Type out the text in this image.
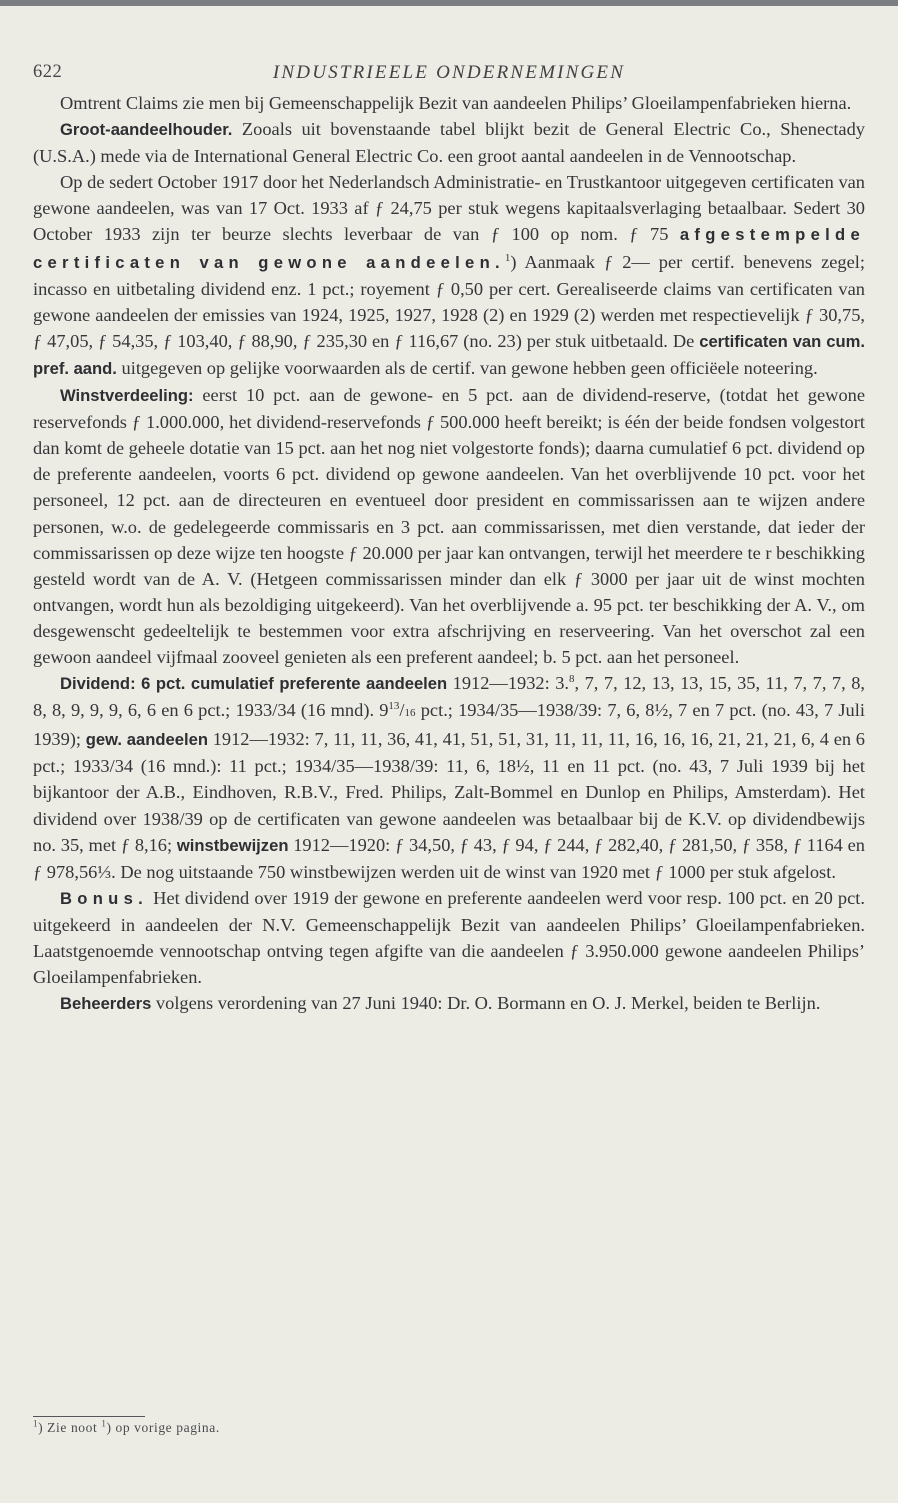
622	INDUSTRIEELE ONDERNEMINGEN

Omtrent Claims zie men bij Gemeenschappelijk Bezit van aandeelen Philips’ Gloeilampenfabrieken hierna.

Groot-aandeelhouder. Zooals uit bovenstaande tabel blijkt bezit de General Electric Co., Shenectady (U.S.A.) mede via de International General Electric Co. een groot aantal aandeelen in de Vennootschap.

Op de sedert October 1917 door het Nederlandsch Administratie- en Trustkantoor uitgegeven certificaten van gewone aandeelen, was van 17 Oct. 1933 af ƒ 24,75 per stuk wegens kapitaalsverlaging betaalbaar. Sedert 30 October 1933 zijn ter beurze slechts leverbaar de van ƒ 100 op nom. ƒ 75 afgestempelde certificaten van gewone aandeelen.$^1$) Aanmaak ƒ 2— per certif. benevens zegel; incasso en uitbetaling dividend enz. 1 pct.; royement ƒ 0,50 per cert. Gerealiseerde claims van certificaten van gewone aandeelen der emissies van 1924, 1925, 1927, 1928 (2) en 1929 (2) werden met respectievelijk ƒ 30,75, ƒ 47,05, ƒ 54,35, ƒ 103,40, ƒ 88,90, ƒ 235,30 en ƒ 116,67 (no. 23) per stuk uitbetaald. De certificaten van cum. pref. aand. uitgegeven op gelijke voorwaarden als de certif. van gewone hebben geen officiëele noteering.

Winstverdeeling: eerst 10 pct. aan de gewone- en 5 pct. aan de dividend-reserve, (totdat het gewone reservefonds ƒ 1.000.000, het dividend-reservefonds ƒ 500.000 heeft bereikt; is één der beide fondsen volgestort dan komt de geheele dotatie van 15 pct. aan het nog niet volgestorte fonds); daarna cumulatief 6 pct. dividend op de preferente aandeelen, voorts 6 pct. dividend op gewone aandeelen. Van het overblijvende 10 pct. voor het personeel, 12 pct. aan de directeuren en eventueel door president en commissarissen aan te wijzen andere personen, w.o. de gedelegeerde commissaris en 3 pct. aan commissarissen, met dien verstande, dat ieder der commissarissen op deze wijze ten hoogste ƒ 20.000 per jaar kan ontvangen, terwijl het meerdere te r beschikking gesteld wordt van de A. V. (Hetgeen commissarissen minder dan elk ƒ 3000 per jaar uit de winst mochten ontvangen, wordt hun als bezoldiging uitgekeerd). Van het overblijvende a. 95 pct. ter beschikking der A. V., om desgewenscht gedeeltelijk te bestemmen voor extra afschrijving en reserveering. Van het overschot zal een gewoon aandeel vijfmaal zooveel genieten als een preferent aandeel; b. 5 pct. aan het personeel.

Dividend: 6 pct. cumulatief preferente aandeelen 1912—1932: 3.$^8$, 7, 7, 12, 13, 13, 15, 35, 11, 7, 7, 7, 8, 8, 8, 9, 9, 9, 6, 6 en 6 pct.; 1933/34 (16 mnd). $9^{13}/16$ pct.; 1934/35—1938/39: 7, 6, 8½, 7 en 7 pct. (no. 43, 7 Juli 1939); gew. aandeelen 1912—1932: 7, 11, 11, 36, 41, 41, 51, 51, 31, 11, 11, 11, 16, 16, 16, 21, 21, 21, 6, 4 en 6 pct.; 1933/34 (16 mnd.): 11 pct.; 1934/35—1938/39: 11, 6, 18½, 11 en 11 pct. (no. 43, 7 Juli 1939 bij het bijkantoor der A.B., Eindhoven, R.B.V., Fred. Philips, Zalt-Bommel en Dunlop en Philips, Amsterdam). Het dividend over 1938/39 op de certificaten van gewone aandeelen was betaalbaar bij de K.V. op dividendbewijs no. 35, met ƒ 8,16; winstbewijzen 1912—1920: ƒ 34,50, ƒ 43, ƒ 94, ƒ 244, ƒ 282,40, ƒ 281,50, ƒ 358, ƒ 1164 en ƒ 978,56⅓. De nog uitstaande 750 winstbewijzen werden uit de winst van 1920 met ƒ 1000 per stuk afgelost.

Bonus. Het dividend over 1919 der gewone en preferente aandeelen werd voor resp. 100 pct. en 20 pct. uitgekeerd in aandeelen der N.V. Gemeenschappelijk Bezit van aandeelen Philips’ Gloeilampenfabrieken. Laatstgenoemde vennootschap ontving tegen afgifte van die aandeelen ƒ 3.950.000 gewone aandeelen Philips’ Gloeilampenfabrieken.

Beheerders volgens verordening van 27 Juni 1940: Dr. O. Bormann en O. J. Merkel, beiden te Berlijn.

$^1$) Zie noot $^1$) op vorige pagina.
